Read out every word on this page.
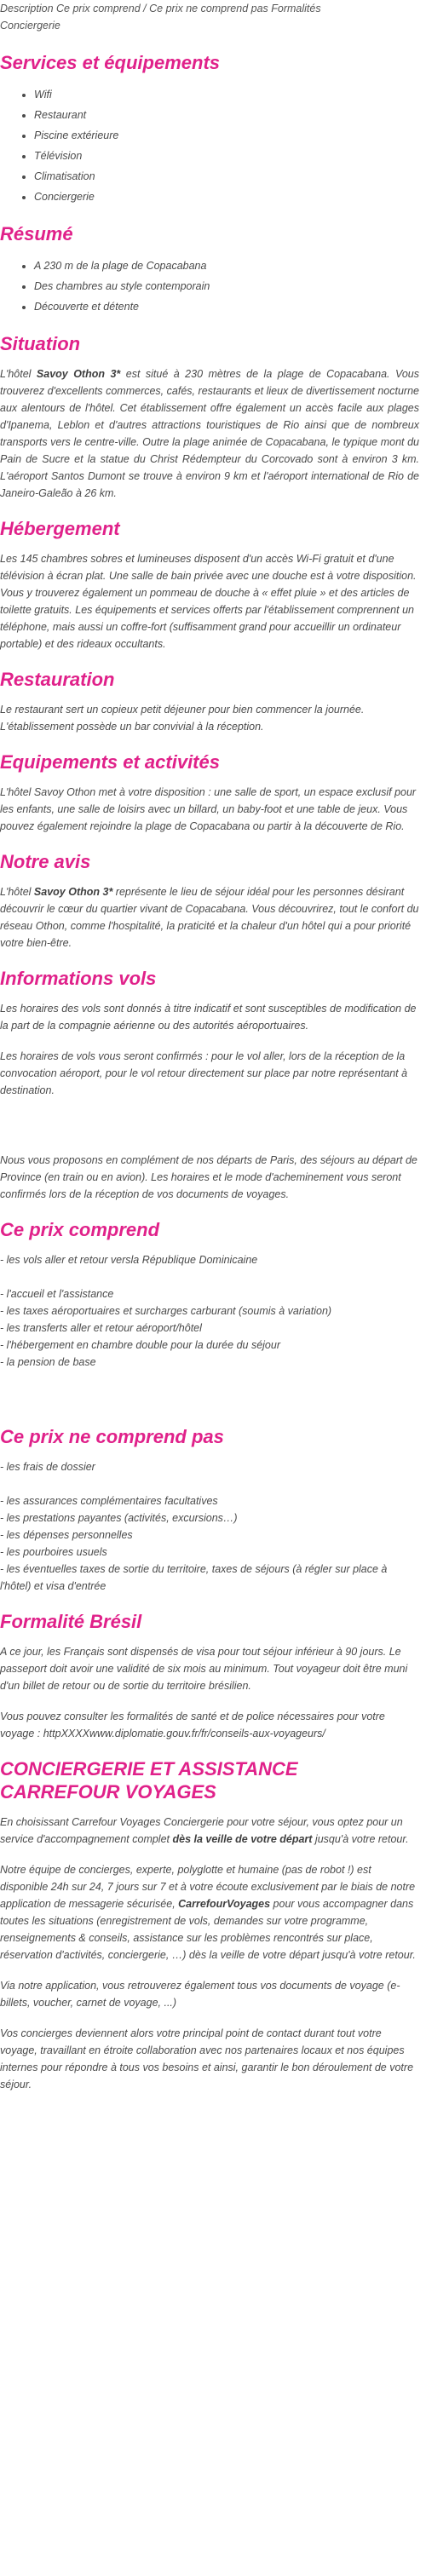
Description Ce prix comprend / Ce prix ne comprend pas Formalités
Conciergerie
Services et équipements
• Wifi
• Restaurant
• Piscine extérieure
• Télévision
• Climatisation
• Conciergerie
Résumé
• A 230 m de la plage de Copacabana
• Des chambres au style contemporain
• Découverte et détente
Situation

L'hôtel Savoy Othon 3* est situé à 230 mètres de la plage de Copacabana. Vous trouverez d'excellents commerces, cafés, restaurants et lieux de divertissement nocturne aux alentours de l'hôtel. Cet établissement offre également un accès facile aux plages d'Ipanema, Leblon et d'autres attractions touristiques de Rio ainsi que de nombreux transports vers le centre-ville. Outre la plage animée de Copacabana, le typique mont du Pain de Sucre et la statue du Christ Rédempteur du Corcovado sont à environ 3 km. L'aéroport Santos Dumont se trouve à environ 9 km et l'aéroport international de Rio de Janeiro-Galeão à 26 km.

Hébergement

Les 145 chambres sobres et lumineuses disposent d'un accès Wi-Fi gratuit et d'une télévision à écran plat. Une salle de bain privée avec une douche est à votre disposition. Vous y trouverez également un pommeau de douche à « effet pluie » et des articles de toilette gratuits. Les équipements et services offerts par l'établissement comprennent un téléphone, mais aussi un coffre-fort (suffisamment grand pour accueillir un ordinateur portable) et des rideaux occultants.

Restauration

Le restaurant sert un copieux petit déjeuner pour bien commencer la journée. L'établissement possède un bar convivial à la réception.

Equipements et activités

L'hôtel Savoy Othon met à votre disposition : une salle de sport, un espace exclusif pour les enfants, une salle de loisirs avec un billard, un baby-foot et une table de jeux. Vous pouvez également rejoindre la plage de Copacabana ou partir à la découverte de Rio.

Notre avis

L'hôtel Savoy Othon 3* représente le lieu de séjour idéal pour les personnes désirant découvrir le cœur du quartier vivant de Copacabana. Vous découvrirez, tout le confort du réseau Othon, comme l'hospitalité, la praticité et la chaleur d'un hôtel qui a pour priorité votre bien-être.

Informations vols

Les horaires des vols sont donnés à titre indicatif et sont susceptibles de modification de la part de la compagnie aérienne ou des autorités aéroportuaires.

Les horaires de vols vous seront confirmés : pour le vol aller, lors de la réception de la convocation aéroport, pour le vol retour directement sur place par notre représentant à destination.

Nous vous proposons en complément de nos départs de Paris, des séjours au départ de Province (en train ou en avion). Les horaires et le mode d'acheminement vous seront confirmés lors de la réception de vos documents de voyages.

Ce prix comprend
- les vols aller et retour versla République Dominicaine
- l'accueil et l'assistance
- les taxes aéroportuaires et surcharges carburant (soumis à variation)
- les transferts aller et retour aéroport/hôtel
- l'hébergement en chambre double pour la durée du séjour
- la pension de base
Ce prix ne comprend pas
- les frais de dossier
- les assurances complémentaires facultatives
- les prestations payantes (activités, excursions…)
- les dépenses personnelles
- les pourboires usuels
- les éventuelles taxes de sortie du territoire, taxes de séjours (à régler sur place à l'hôtel) et visa d'entrée
Formalité Brésil

A ce jour, les Français sont dispensés de visa pour tout séjour inférieur à 90 jours. Le passeport doit avoir une validité de six mois au minimum. Tout voyageur doit être muni d'un billet de retour ou de sortie du territoire brésilien.

Vous pouvez consulter les formalités de santé et de police nécessaires pour votre voyage : httpXXXXwww.diplomatie.gouv.fr/fr/conseils-aux-voyageurs/

CONCIERGERIE ET ASSISTANCE CARREFOUR VOYAGES

En choisissant Carrefour Voyages Conciergerie pour votre séjour, vous optez pour un service d'accompagnement complet dès la veille de votre départ jusqu'à votre retour.

Notre équipe de concierges, experte, polyglotte et humaine (pas de robot !) est disponible 24h sur 24, 7 jours sur 7 et à votre écoute exclusivement par le biais de notre application de messagerie sécurisée, CarrefourVoyages pour vous accompagner dans toutes les situations (enregistrement de vols, demandes sur votre programme, renseignements & conseils, assistance sur les problèmes rencontrés sur place, réservation d'activités, conciergerie, …) dès la veille de votre départ jusqu'à votre retour.

Via notre application, vous retrouverez également tous vos documents de voyage (e-billets, voucher, carnet de voyage, ...)

Vos concierges deviennent alors votre principal point de contact durant tout votre voyage, travaillant en étroite collaboration avec nos partenaires locaux et nos équipes internes pour répondre à tous vos besoins et ainsi, garantir le bon déroulement de votre séjour.
